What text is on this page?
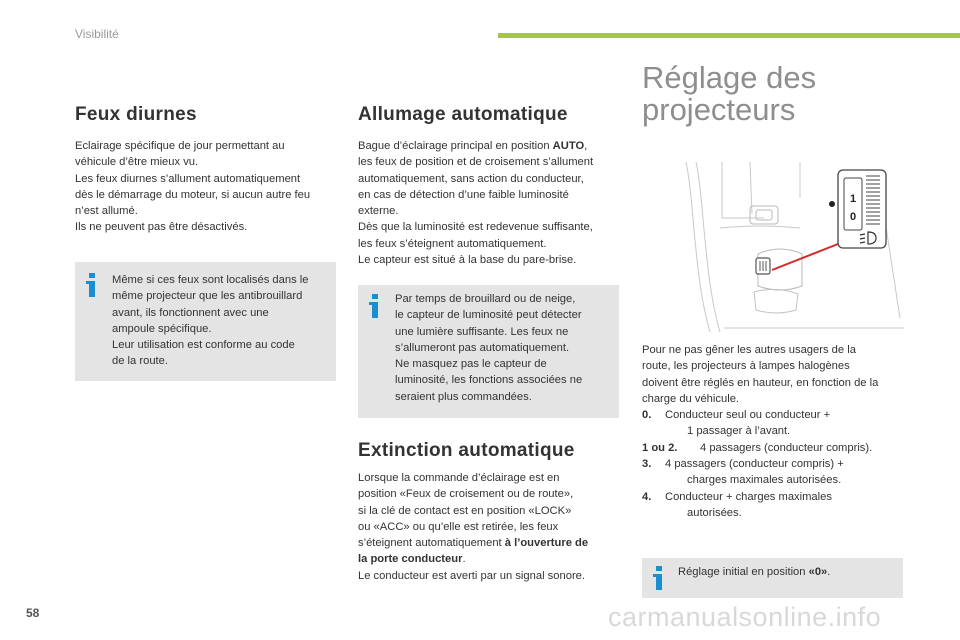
Visibilité
Feux diurnes

Eclairage spécifique de jour permettant au

véhicule d’être mieux vu.

Les feux diurnes s’allument automatiquement

dès le démarrage du moteur, si aucun autre feu

n’est allumé.

Ils ne peuvent pas être désactivés.

Même si ces feux sont localisés dans le

même projecteur que les antibrouillard

avant, ils fonctionnent avec une

ampoule spécifique.

Leur utilisation est conforme au code

de la route.

Allumage automatique

Bague d’éclairage principal en position AUTO,

les feux de position et de croisement s’allument

automatiquement, sans action du conducteur,

en cas de détection d’une faible luminosité

externe.

Dès que la luminosité est redevenue suffisante,

les feux s’éteignent automatiquement.

Le capteur est situé à la base du pare-brise.

Par temps de brouillard ou de neige,

le capteur de luminosité peut détecter

une lumière suffisante. Les feux ne

s’allumeront pas automatiquement.

Ne masquez pas le capteur de

luminosité, les fonctions associées ne

seraient plus commandées.

Extinction automatique

Lorsque la commande d’éclairage est en

position «Feux de croisement ou de route»,

si la clé de contact est en position «LOCK»

ou «ACC» ou qu’elle est retirée, les feux

s’éteignent automatiquement à l’ouverture de

la porte conducteur.

Le conducteur est averti par un signal sonore.

Réglage des
projecteurs
1
0

Pour ne pas gêner les autres usagers de la

route, les projecteurs à lampes halogènes

doivent être réglés en hauteur, en fonction de la

charge du véhicule.

0. Conducteur seul ou conducteur +
1 passager à l’avant.
1 ou 2. 4 passagers (conducteur compris).
3. 4 passagers (conducteur compris) +
charges maximales autorisées.
4. Conducteur + charges maximales
autorisées.

Réglage initial en position «0».

58	carmanualsonline.info
